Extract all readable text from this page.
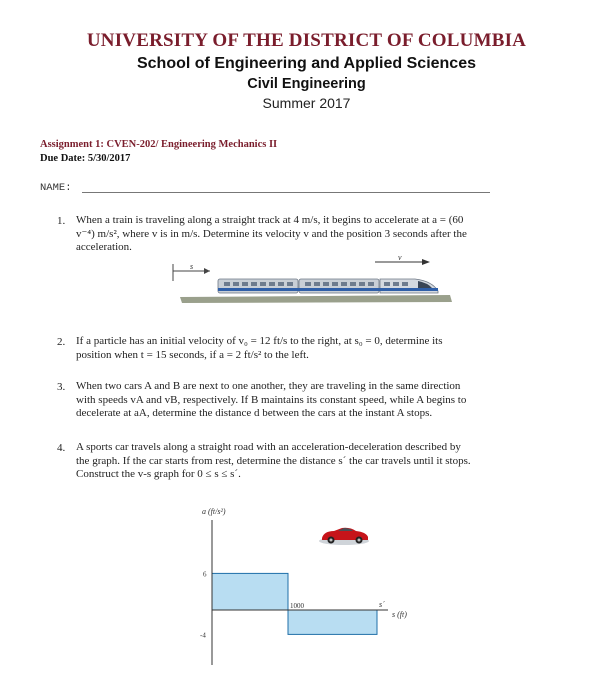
UNIVERSITY OF THE DISTRICT OF COLUMBIA
School of Engineering and Applied Sciences
Civil Engineering
Summer 2017
Assignment 1: CVEN-202/ Engineering Mechanics II
Due Date: 5/30/2017
NAME:
1. When a train is traveling along a straight track at 4 m/s, it begins to accelerate at a = (60
v⁻⁴) m/s², where v is in m/s. Determine its velocity v and the position 3 seconds after the
acceleration.
s
v
2. If a particle has an initial velocity of v₀ = 12 ft/s to the right, at s₀ = 0, determine its
position when t = 15 seconds, if a = 2 ft/s² to the left.
3. When two cars A and B are next to one another, they are traveling in the same direction
with speeds vA and vB, respectively. If B maintains its constant speed, while A begins to
decelerate at aA, determine the distance d between the cars at the instant A stops.
4. A sports car travels along a straight road with an acceleration-deceleration described by
the graph. If the car starts from rest, determine the distance s´ the car travels until it stops.
Construct the v-s graph for 0 ≤ s ≤ s´.
6
-4
1000	s´
a (ft/s²)
s (ft)
